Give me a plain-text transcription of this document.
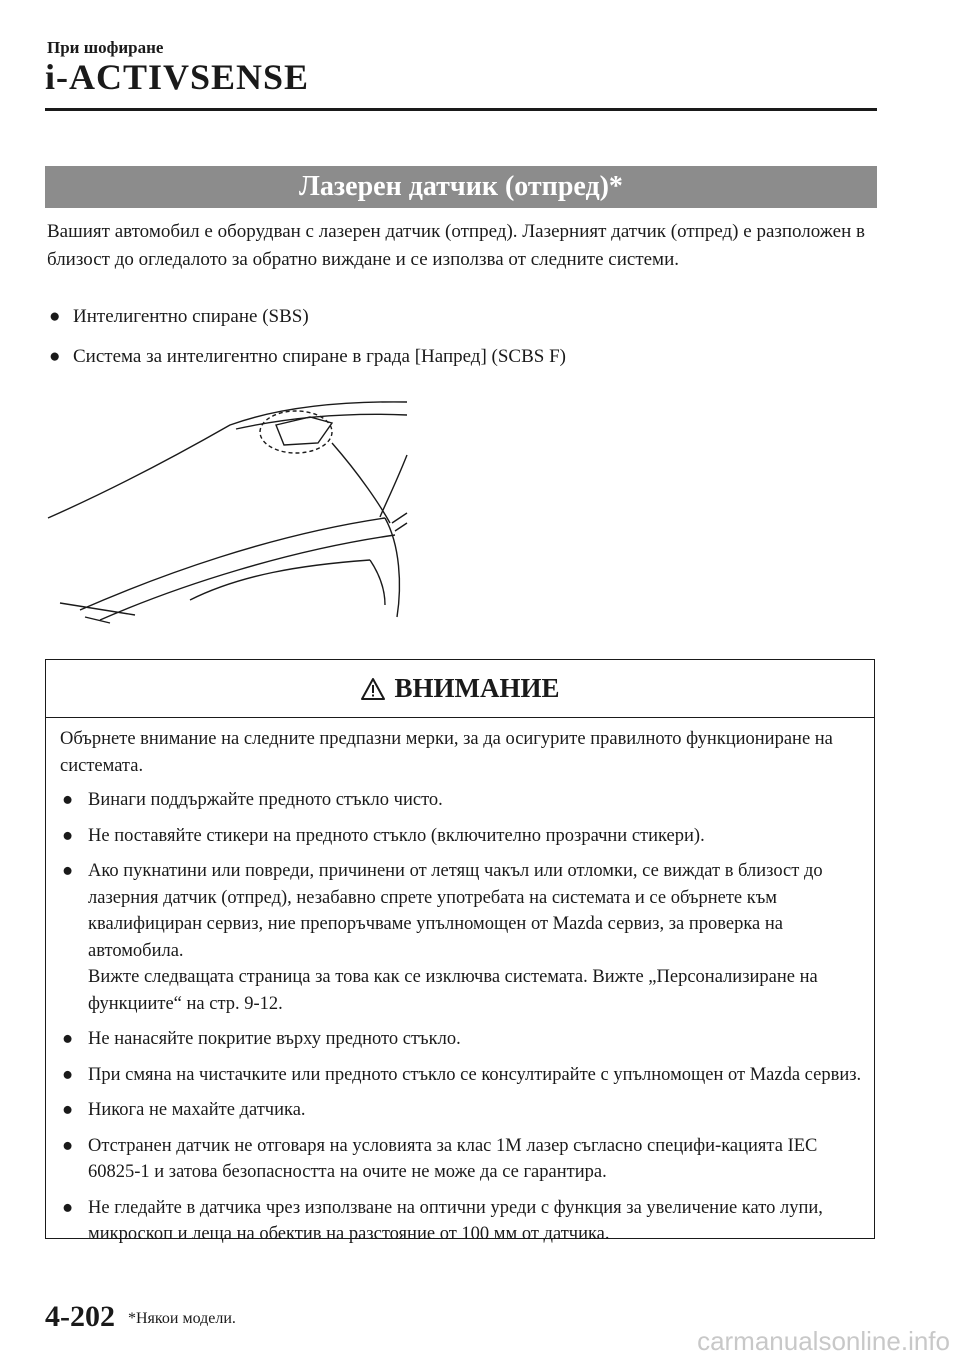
При шофиране
i-ACTIVSENSE
Лазерен датчик (отпред)*
Вашият автомобил е оборудван с лазерен датчик (отпред). Лазерният датчик (отпред) е разположен в близост до огледалото за обратно виждане и се използва от следните системи.
● Интелигентно спиране (SBS)
● Система за интелигентно спиране в града [Напред] (SCBS F)
ВНИМАНИЕ

Обърнете внимание на следните предпазни мерки, за да осигурите правилното функциониране на системата.

● Винаги поддържайте предното стъкло чисто.
● Не поставяйте стикери на предното стъкло (включително прозрачни стикери).
● Ако пукнатини или повреди, причинени от летящ чакъл или отломки, се виждат в близост до лазерния датчик (отпред), незабавно спрете употребата на системата и се обърнете към квалифициран сервиз, ние препоръчваме упълномощен от Mazda сервиз, за проверка на автомобила.
Вижте следващата страница за това как се изключва системата. Вижте „Персонализиране на функциите“ на стр. 9-12.
● Не нанасяйте покритие върху предното стъкло.
● При смяна на чистачките или предното стъкло се консултирайте с упълномощен от Mazda сервиз.
● Никога не махайте датчика.
● Отстранен датчик не отговаря на условията за клас 1M лазер съгласно специфи-кацията IEC 60825-1 и затова безопасността на очите не може да се гарантира.
● Не гледайте в датчика чрез използване на оптични уреди с функция за увеличение като лупи, микроскоп и леща на обектив на разстояние от 100 мм от датчика.
4-202 *Някои модели.
carmanualsonline.info
